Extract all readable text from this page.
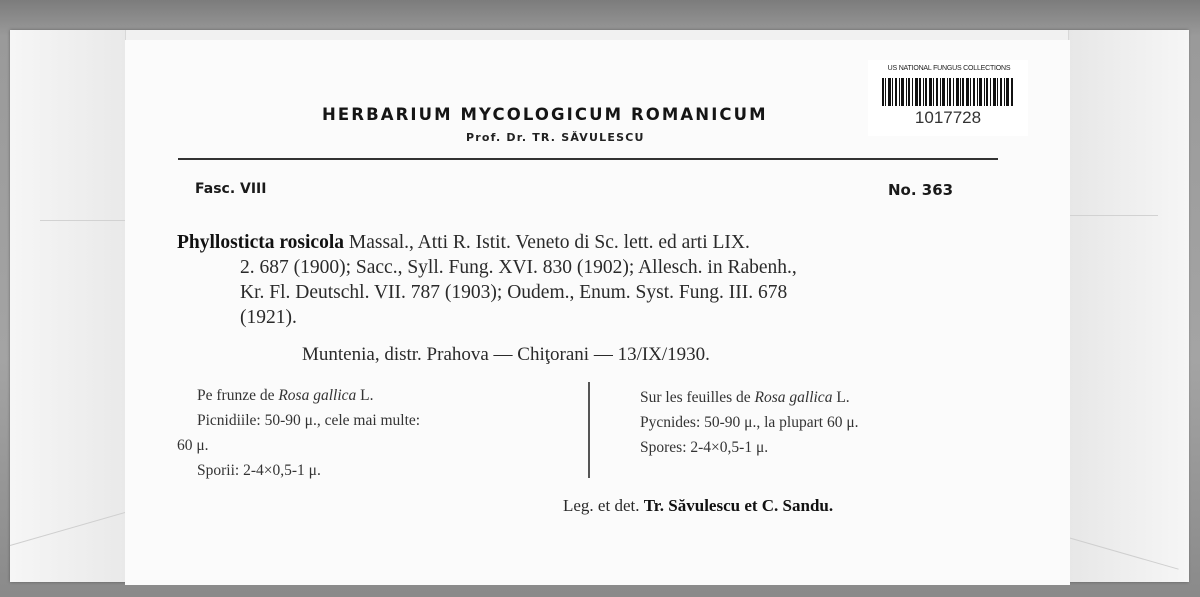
US NATIONAL FUNGUS COLLECTIONS
1017728
HERBARIUM MYCOLOGICUM ROMANICUM
Prof. Dr. TR. SĂVULESCU
Fasc. VIII	No. 363
Phyllosticta rosicola Massal., Atti R. Istit. Veneto di Sc. lett. ed arti LIX.
2. 687 (1900); Sacc., Syll. Fung. XVI. 830 (1902); Allesch. in Rabenh.,
Kr. Fl. Deutschl. VII. 787 (1903); Oudem., Enum. Syst. Fung. III. 678
(1921).
Muntenia, distr. Prahova — Chiţorani — 13/IX/1930.
Pe frunze de Rosa gallica L.
Picnidiile: 50-90 μ., cele mai multe:
60 μ.
Sporii: 2-4×0,5-1 μ.
Sur les feuilles de Rosa gallica L.
Pycnides: 50-90 μ., la plupart 60 μ.
Spores: 2-4×0,5-1 μ.
Leg. et det. Tr. Săvulescu et C. Sandu.
